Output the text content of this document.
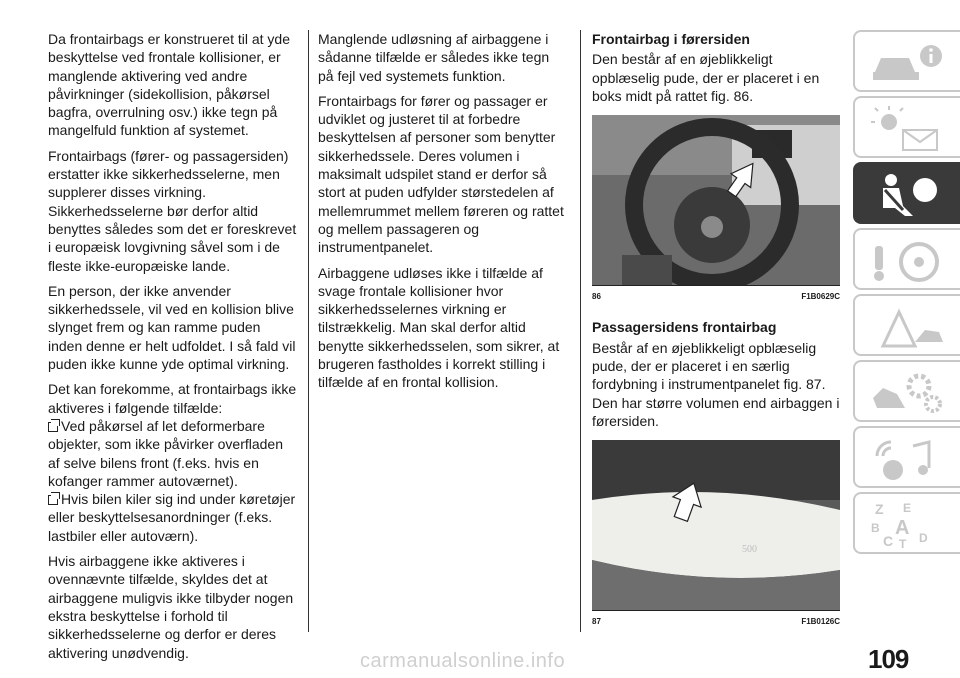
Da frontairbags er konstrueret til at yde beskyttelse ved frontale kollisioner, er manglende aktivering ved andre påvirkninger (sidekollision, påkørsel bagfra, overrulning osv.) ikke tegn på mangelfuld funktion af systemet.

Frontairbags (fører- og passagersiden) erstatter ikke sikkerhedsselerne, men supplerer disses virkning. Sikkerhedsselerne bør derfor altid benyttes således som det er foreskrevet i europæisk lovgivning såvel som i de fleste ikke-europæiske lande.

En person, der ikke anvender sikkerhedssele, vil ved en kollision blive slynget frem og kan ramme puden inden denne er helt udfoldet. I så fald vil puden ikke kunne yde optimal virkning.

Det kan forekomme, at frontairbags ikke aktiveres i følgende tilfælde:

Ved påkørsel af let deformerbare objekter, som ikke påvirker overfladen af selve bilens front (f.eks. hvis en kofanger rammer autoværnet).
Hvis bilen kiler sig ind under køretøjer eller beskyttelsesanordninger (f.eks. lastbiler eller autoværn).

Hvis airbaggene ikke aktiveres i ovennævnte tilfælde, skyldes det at airbaggene muligvis ikke tilbyder nogen ekstra beskyttelse i forhold til sikkerhedsselerne og derfor er deres aktivering unødvendig.

Manglende udløsning af airbaggene i sådanne tilfælde er således ikke tegn på fejl ved systemets funktion.

Frontairbags for fører og passager er udviklet og justeret til at forbedre beskyttelsen af personer som benytter sikkerhedssele. Deres volumen i maksimalt udspilet stand er derfor så stort at puden udfylder størstedelen af mellemrummet mellem føreren og rattet og mellem passageren og instrumentpanelet.

Airbaggene udløses ikke i tilfælde af svage frontale kollisioner hvor sikkerhedsselernes virkning er tilstrækkelig. Man skal derfor altid benytte sikkerhedsselen, som sikrer, at brugeren fastholdes i korrekt stilling i tilfælde af en frontal kollision.

Frontairbag i førersiden

Den består af en øjeblikkeligt opblæselig pude, der er placeret i en boks midt på rattet fig. 86.

86	F1B0629C
Passagersidens frontairbag

Består af en øjeblikkeligt opblæselig pude, der er placeret i en særlig fordybning i instrumentpanelet fig. 87. Den har større volumen end airbaggen i førersiden.

500
87	F1B0126C
Z E
B A
C T D
109
carmanualsonline.info
